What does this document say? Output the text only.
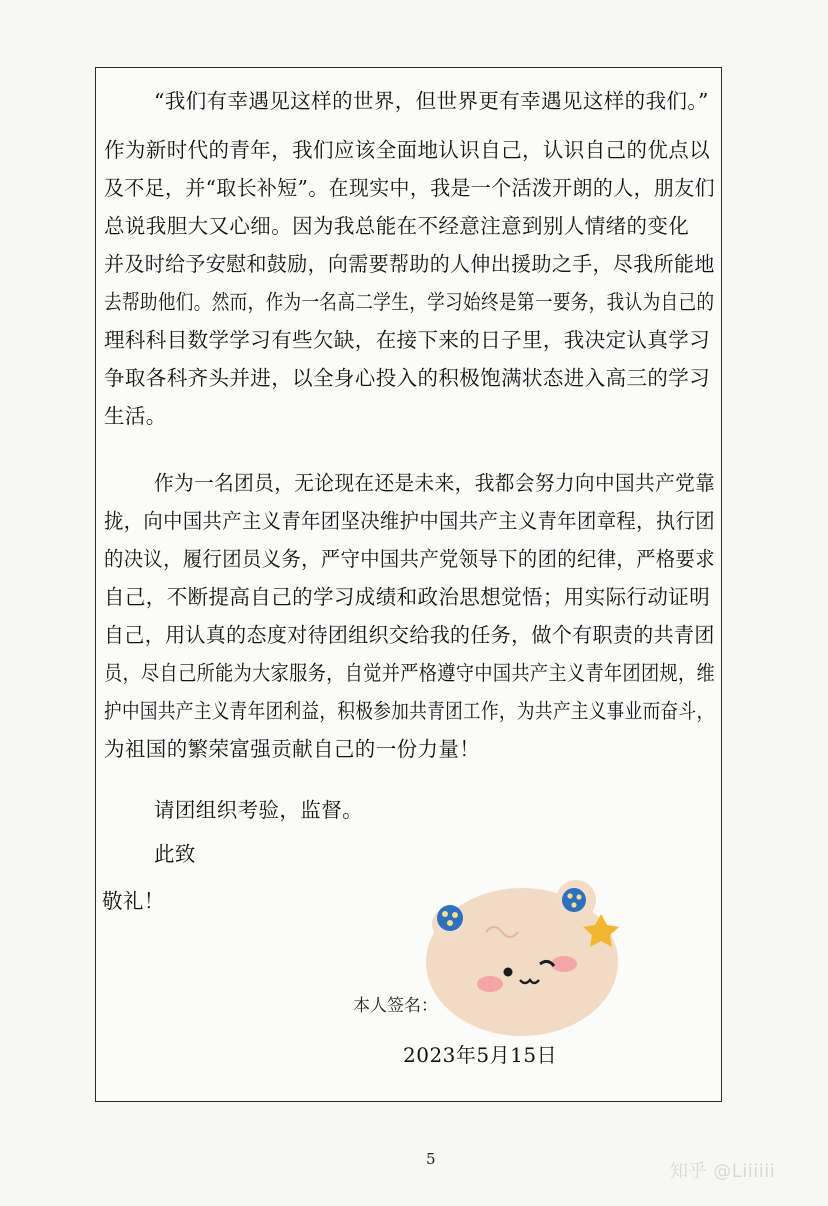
“我们有幸遇见这样的世界，但世界更有幸遇见这样的我们。”
作为新时代的青年，我们应该全面地认识自己，认识自己的优点以
及不足，并“取长补短”。在现实中，我是一个活泼开朗的人，朋友们
总说我胆大又心细。因为我总能在不经意注意到别人情绪的变化
并及时给予安慰和鼓励，向需要帮助的人伸出援助之手，尽我所能地
去帮助他们。然而，作为一名高二学生，学习始终是第一要务，我认为自己的
理科科目数学学习有些欠缺，在接下来的日子里，我决定认真学习
争取各科齐头并进，以全身心投入的积极饱满状态进入高三的学习
生活。
作为一名团员，无论现在还是未来，我都会努力向中国共产党靠
拢，向中国共产主义青年团坚决维护中国共产主义青年团章程，执行团
的决议，履行团员义务，严守中国共产党领导下的团的纪律，严格要求
自己，不断提高自己的学习成绩和政治思想觉悟；用实际行动证明
自己，用认真的态度对待团组织交给我的任务，做个有职责的共青团
员，尽自己所能为大家服务，自觉并严格遵守中国共产主义青年团团规，维
护中国共产主义青年团利益，积极参加共青团工作，为共产主义事业而奋斗，
为祖国的繁荣富强贡献自己的一份力量！
请团组织考验，监督。
此致
敬礼！
本人签名：
2023年5月15日
5
知乎 @Liiiiii
